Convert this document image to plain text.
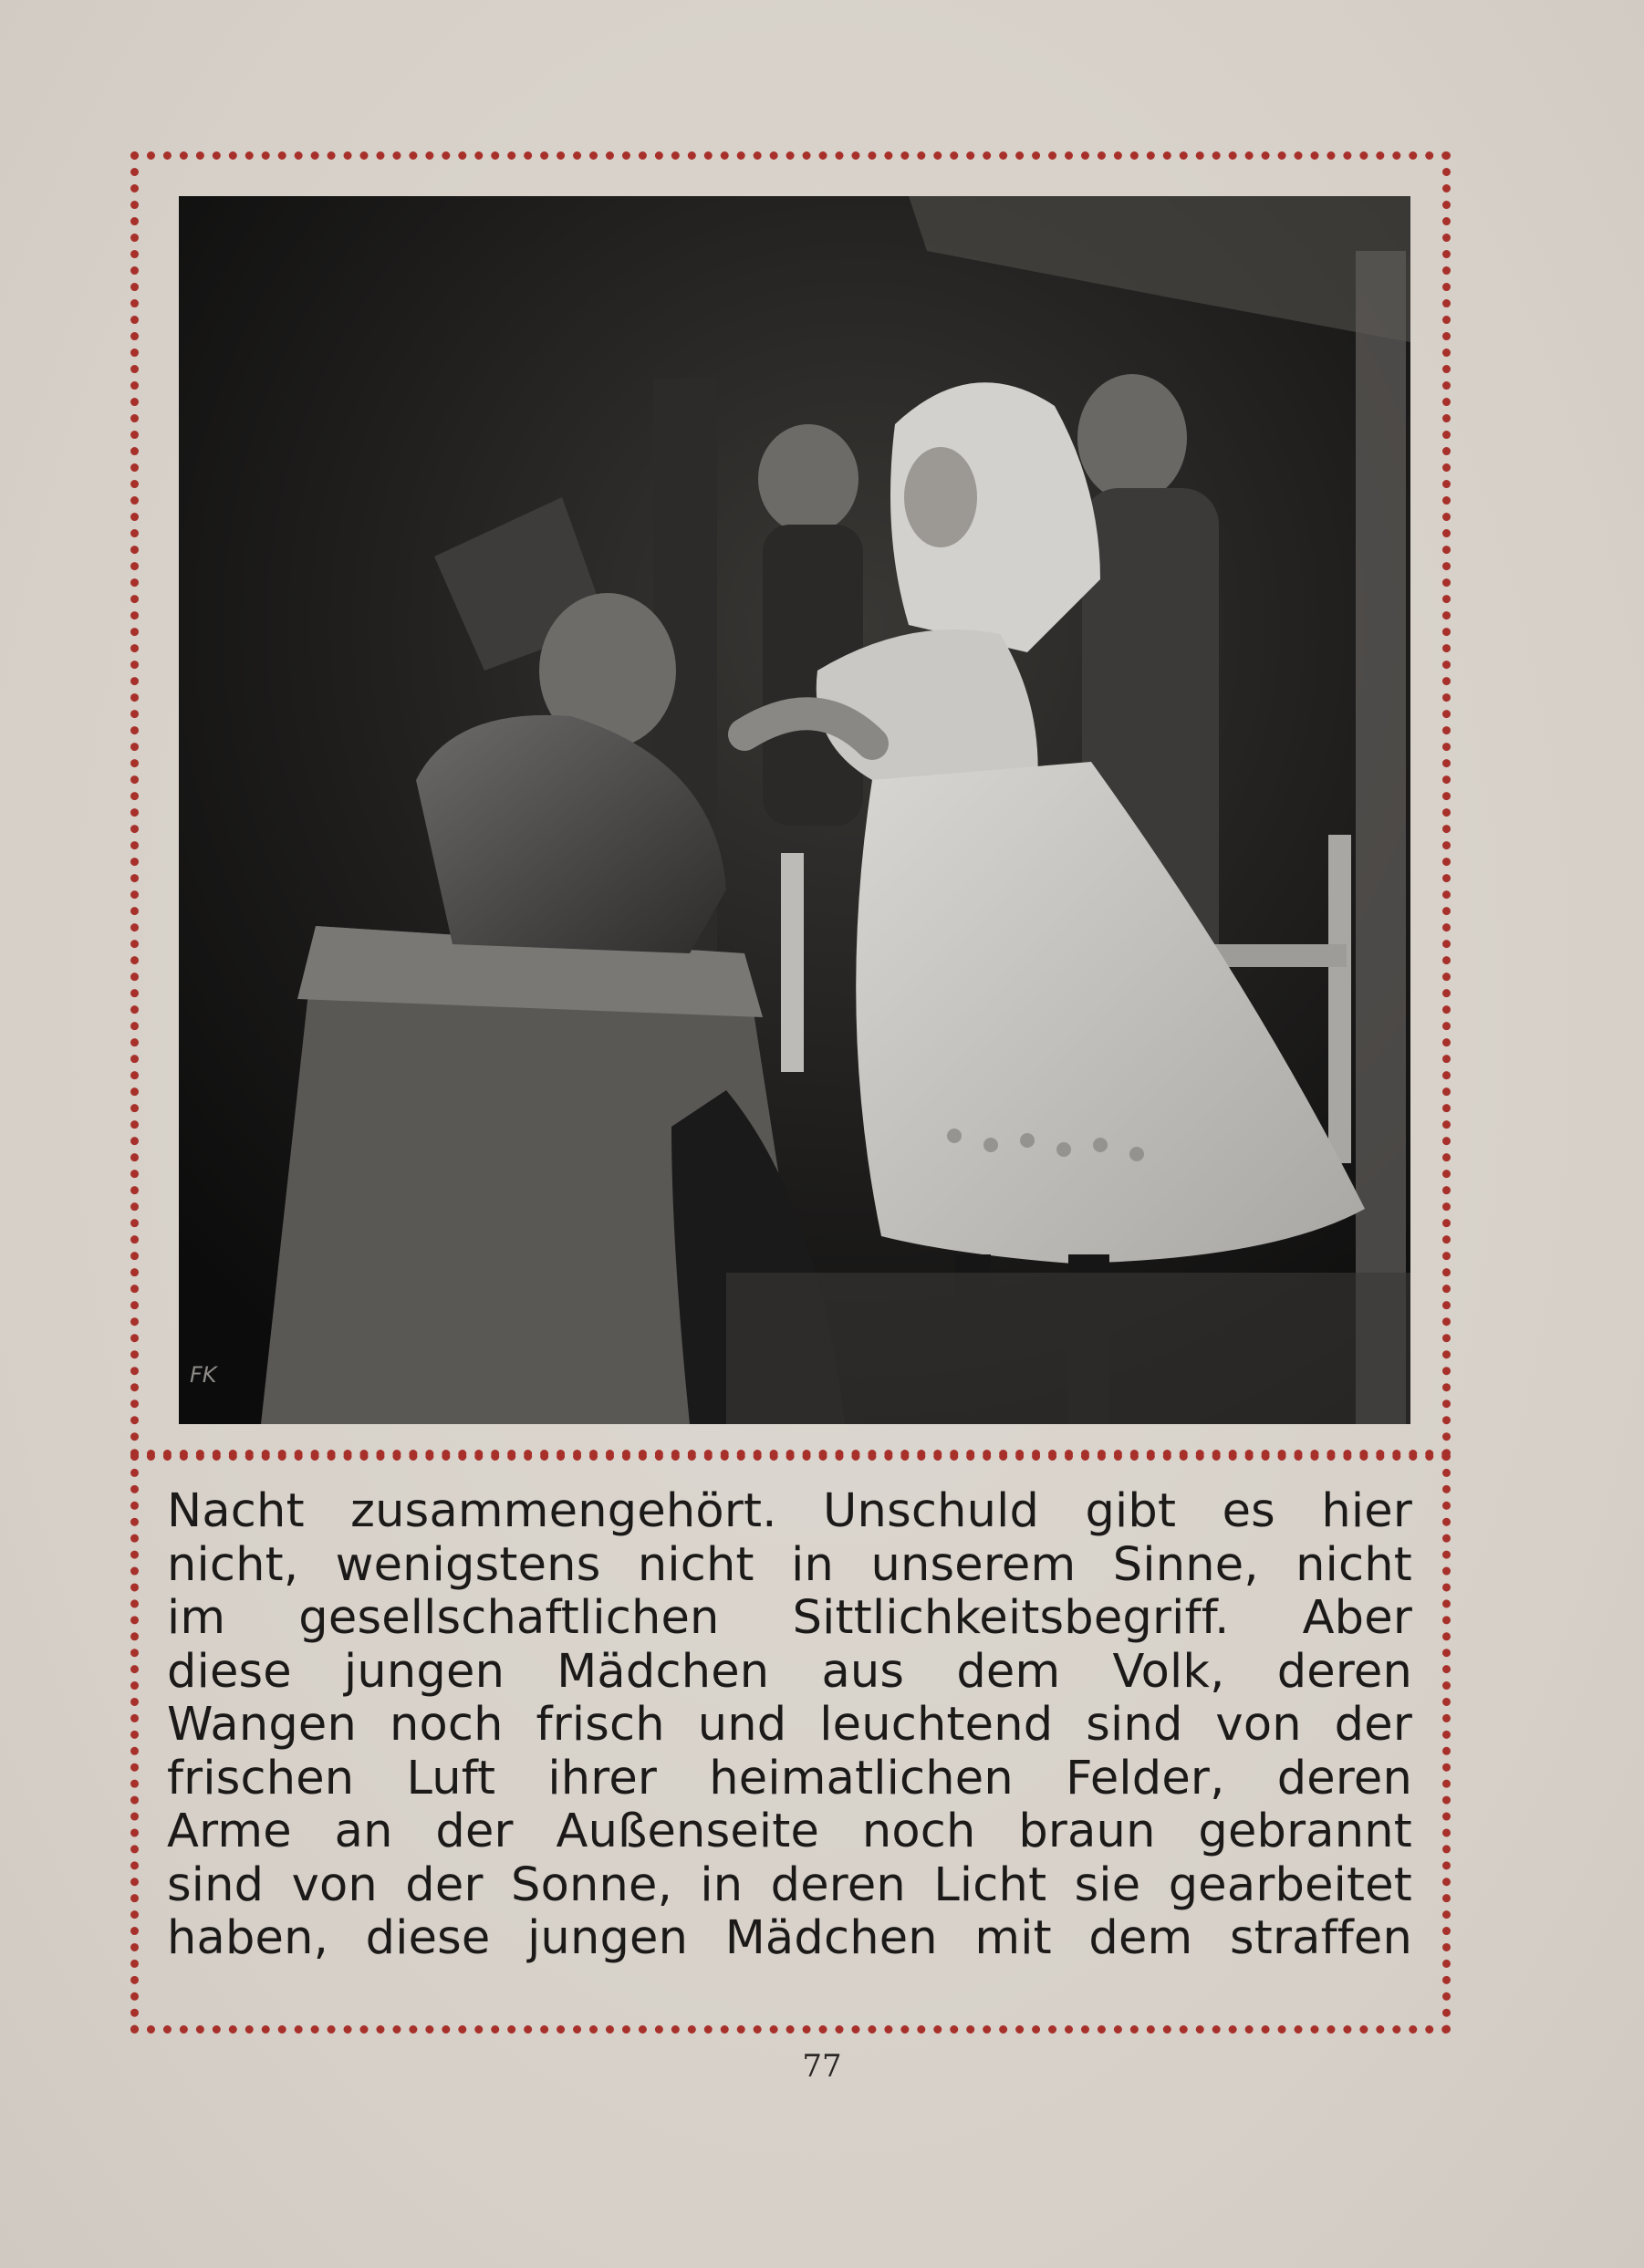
FK
Nacht zusammengehört. Unschuld gibt es hier
nicht, wenigstens nicht in unserem Sinne, nicht
im gesellschaftlichen Sittlichkeitsbegriff. Aber
diese jungen Mädchen aus dem Volk, deren
Wangen noch frisch und leuchtend sind von der
frischen Luft ihrer heimatlichen Felder, deren
Arme an der Außenseite noch braun gebrannt
sind von der Sonne, in deren Licht sie gearbeitet
haben, diese jungen Mädchen mit dem straffen
77
